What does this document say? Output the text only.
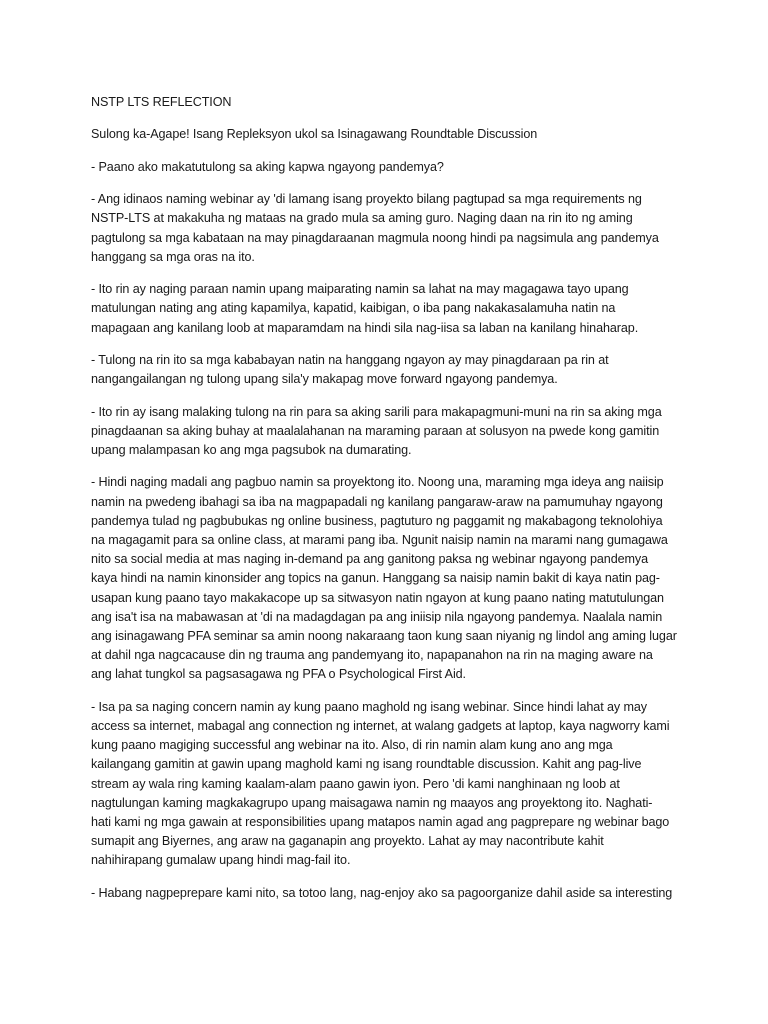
NSTP LTS REFLECTION

Sulong ka-Agape! Isang Repleksyon ukol sa Isinagawang Roundtable Discussion

- Paano ako makatutulong sa aking kapwa ngayong pandemya?

- Ang idinaos naming webinar ay 'di lamang isang proyekto bilang pagtupad sa mga requirements ng
NSTP-LTS at makakuha ng mataas na grado mula sa aming guro. Naging daan na rin ito ng aming
pagtulong sa mga kabataan na may pinagdaraanan magmula noong hindi pa nagsimula ang pandemya
hanggang sa mga oras na ito.

- Ito rin ay naging paraan namin upang maiparating namin sa lahat na may magagawa tayo upang
matulungan nating ang ating kapamilya, kapatid, kaibigan, o iba pang nakakasalamuha natin na
mapagaan ang kanilang loob at maparamdam na hindi sila nag-iisa sa laban na kanilang hinaharap.

- Tulong na rin ito sa mga kababayan natin na hanggang ngayon ay may pinagdaraan pa rin at
nangangailangan ng tulong upang sila'y makapag move forward ngayong pandemya.

- Ito rin ay isang malaking tulong na rin para sa aking sarili para makapagmuni-muni na rin sa aking mga
pinagdaanan sa aking buhay at maalalahanan na maraming paraan at solusyon na pwede kong gamitin
upang malampasan ko ang mga pagsubok na dumarating.

- Hindi naging madali ang pagbuo namin sa proyektong ito. Noong una, maraming mga ideya ang naiisip
namin na pwedeng ibahagi sa iba na magpapadali ng kanilang pangaraw-araw na pamumuhay ngayong
pandemya tulad ng pagbubukas ng online business, pagtuturo ng paggamit ng makabagong teknolohiya
na magagamit para sa online class, at marami pang iba. Ngunit naisip namin na marami nang gumagawa
nito sa social media at mas naging in-demand pa ang ganitong paksa ng webinar ngayong pandemya
kaya hindi na namin kinonsider ang topics na ganun. Hanggang sa naisip namin bakit di kaya natin pag-
usapan kung paano tayo makakacope up sa sitwasyon natin ngayon at kung paano nating matutulungan
ang isa't isa na mabawasan at 'di na madagdagan pa ang iniisip nila ngayong pandemya. Naalala namin
ang isinagawang PFA seminar sa amin noong nakaraang taon kung saan niyanig ng lindol ang aming lugar
at dahil nga nagcacause din ng trauma ang pandemyang ito, napapanahon na rin na maging aware na
ang lahat tungkol sa pagsasagawa ng PFA o Psychological First Aid.

- Isa pa sa naging concern namin ay kung paano maghold ng isang webinar. Since hindi lahat ay may
access sa internet, mabagal ang connection ng internet, at walang gadgets at laptop, kaya nagworry kami
kung paano magiging successful ang webinar na ito. Also, di rin namin alam kung ano ang mga
kailangang gamitin at gawin upang maghold kami ng isang roundtable discussion. Kahit ang pag-live
stream ay wala ring kaming kaalam-alam paano gawin iyon. Pero 'di kami nanghinaan ng loob at
nagtulungan kaming magkakagrupo upang maisagawa namin ng maayos ang proyektong ito. Naghati-
hati kami ng mga gawain at responsibilities upang matapos namin agad ang pagprepare ng webinar bago
sumapit ang Biyernes, ang araw na gaganapin ang proyekto. Lahat ay may nacontribute kahit
nahihirapang gumalaw upang hindi mag-fail ito.

- Habang nagpeprepare kami nito, sa totoo lang, nag-enjoy ako sa pagoorganize dahil aside sa interesting
